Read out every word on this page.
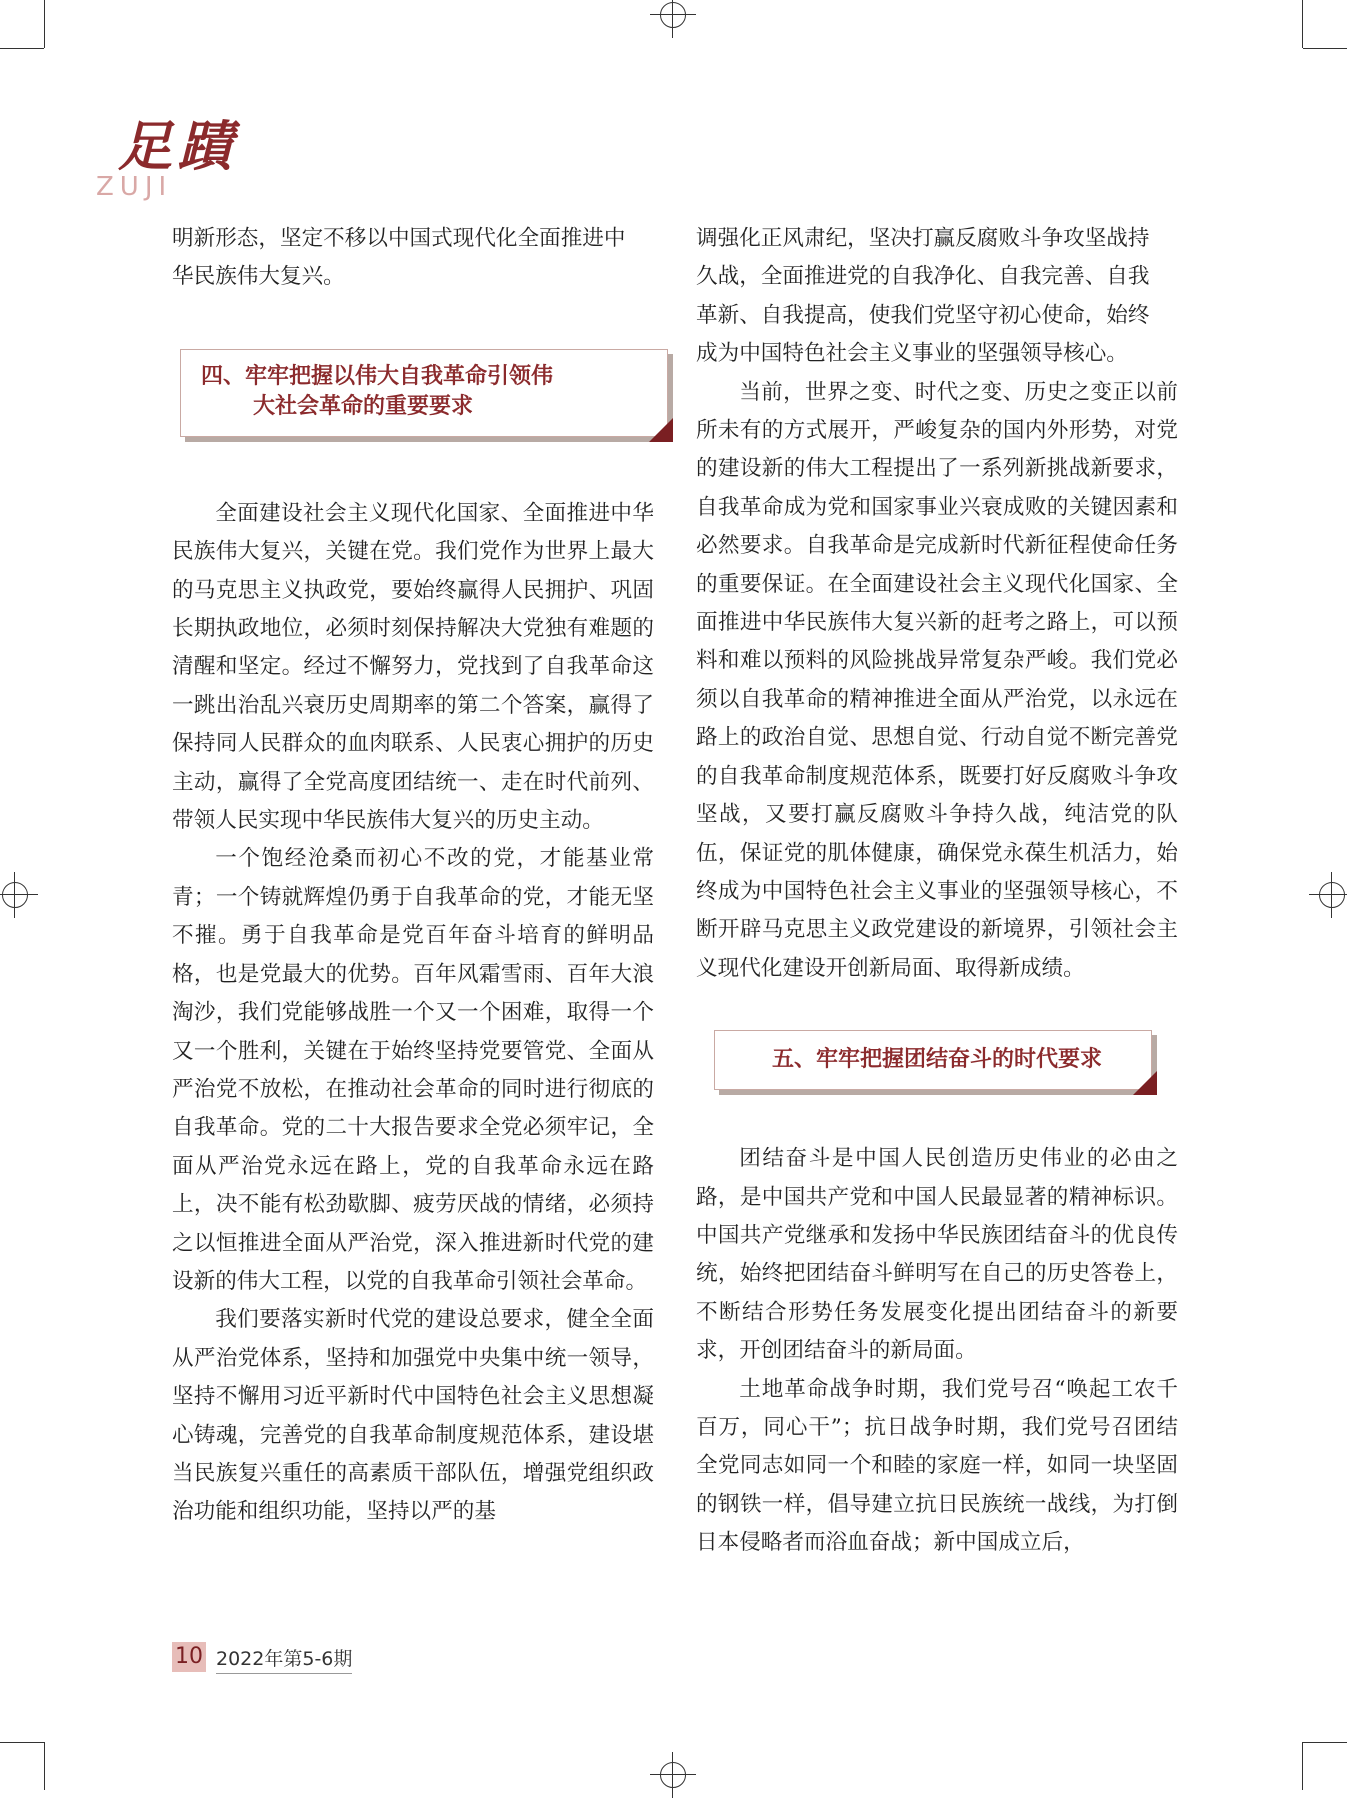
足蹟
ZUJI

明新形态，坚定不移以中国式现代化全面推进中

华民族伟大复兴。

四、牢牢把握以伟大自我革命引领伟
大社会革命的重要要求

全面建设社会主义现代化国家、全面推进中华民族伟大复兴，关键在党。我们党作为世界上最大的马克思主义执政党，要始终赢得人民拥护、巩固长期执政地位，必须时刻保持解决大党独有难题的清醒和坚定。经过不懈努力，党找到了自我革命这一跳出治乱兴衰历史周期率的第二个答案，赢得了保持同人民群众的血肉联系、人民衷心拥护的历史主动，赢得了全党高度团结统一、走在时代前列、带领人民实现中华民族伟大复兴的历史主动。

一个饱经沧桑而初心不改的党，才能基业常青；一个铸就辉煌仍勇于自我革命的党，才能无坚不摧。勇于自我革命是党百年奋斗培育的鲜明品格，也是党最大的优势。百年风霜雪雨、百年大浪淘沙，我们党能够战胜一个又一个困难，取得一个又一个胜利，关键在于始终坚持党要管党、全面从严治党不放松，在推动社会革命的同时进行彻底的自我革命。党的二十大报告要求全党必须牢记，全面从严治党永远在路上，党的自我革命永远在路上，决不能有松劲歇脚、疲劳厌战的情绪，必须持之以恒推进全面从严治党，深入推进新时代党的建设新的伟大工程，以党的自我革命引领社会革命。

我们要落实新时代党的建设总要求，健全全面从严治党体系，坚持和加强党中央集中统一领导，坚持不懈用习近平新时代中国特色社会主义思想凝心铸魂，完善党的自我革命制度规范体系，建设堪当民族复兴重任的高素质干部队伍，增强党组织政治功能和组织功能，坚持以严的基

调强化正风肃纪，坚决打赢反腐败斗争攻坚战持

久战，全面推进党的自我净化、自我完善、自我

革新、自我提高，使我们党坚守初心使命，始终

成为中国特色社会主义事业的坚强领导核心。

当前，世界之变、时代之变、历史之变正以前所未有的方式展开，严峻复杂的国内外形势，对党的建设新的伟大工程提出了一系列新挑战新要求，自我革命成为党和国家事业兴衰成败的关键因素和必然要求。自我革命是完成新时代新征程使命任务的重要保证。在全面建设社会主义现代化国家、全面推进中华民族伟大复兴新的赶考之路上，可以预料和难以预料的风险挑战异常复杂严峻。我们党必须以自我革命的精神推进全面从严治党，以永远在路上的政治自觉、思想自觉、行动自觉不断完善党的自我革命制度规范体系，既要打好反腐败斗争攻坚战，又要打赢反腐败斗争持久战，纯洁党的队伍，保证党的肌体健康，确保党永葆生机活力，始终成为中国特色社会主义事业的坚强领导核心，不断开辟马克思主义政党建设的新境界，引领社会主义现代化建设开创新局面、取得新成绩。

五、牢牢把握团结奋斗的时代要求

团结奋斗是中国人民创造历史伟业的必由之路，是中国共产党和中国人民最显著的精神标识。中国共产党继承和发扬中华民族团结奋斗的优良传统，始终把团结奋斗鲜明写在自己的历史答卷上，不断结合形势任务发展变化提出团结奋斗的新要求，开创团结奋斗的新局面。

土地革命战争时期，我们党号召“唤起工农千百万，同心干”；抗日战争时期，我们党号召团结全党同志如同一个和睦的家庭一样，如同一块坚固的钢铁一样，倡导建立抗日民族统一战线，为打倒日本侵略者而浴血奋战；新中国成立后，

10 2022年第5-6期
